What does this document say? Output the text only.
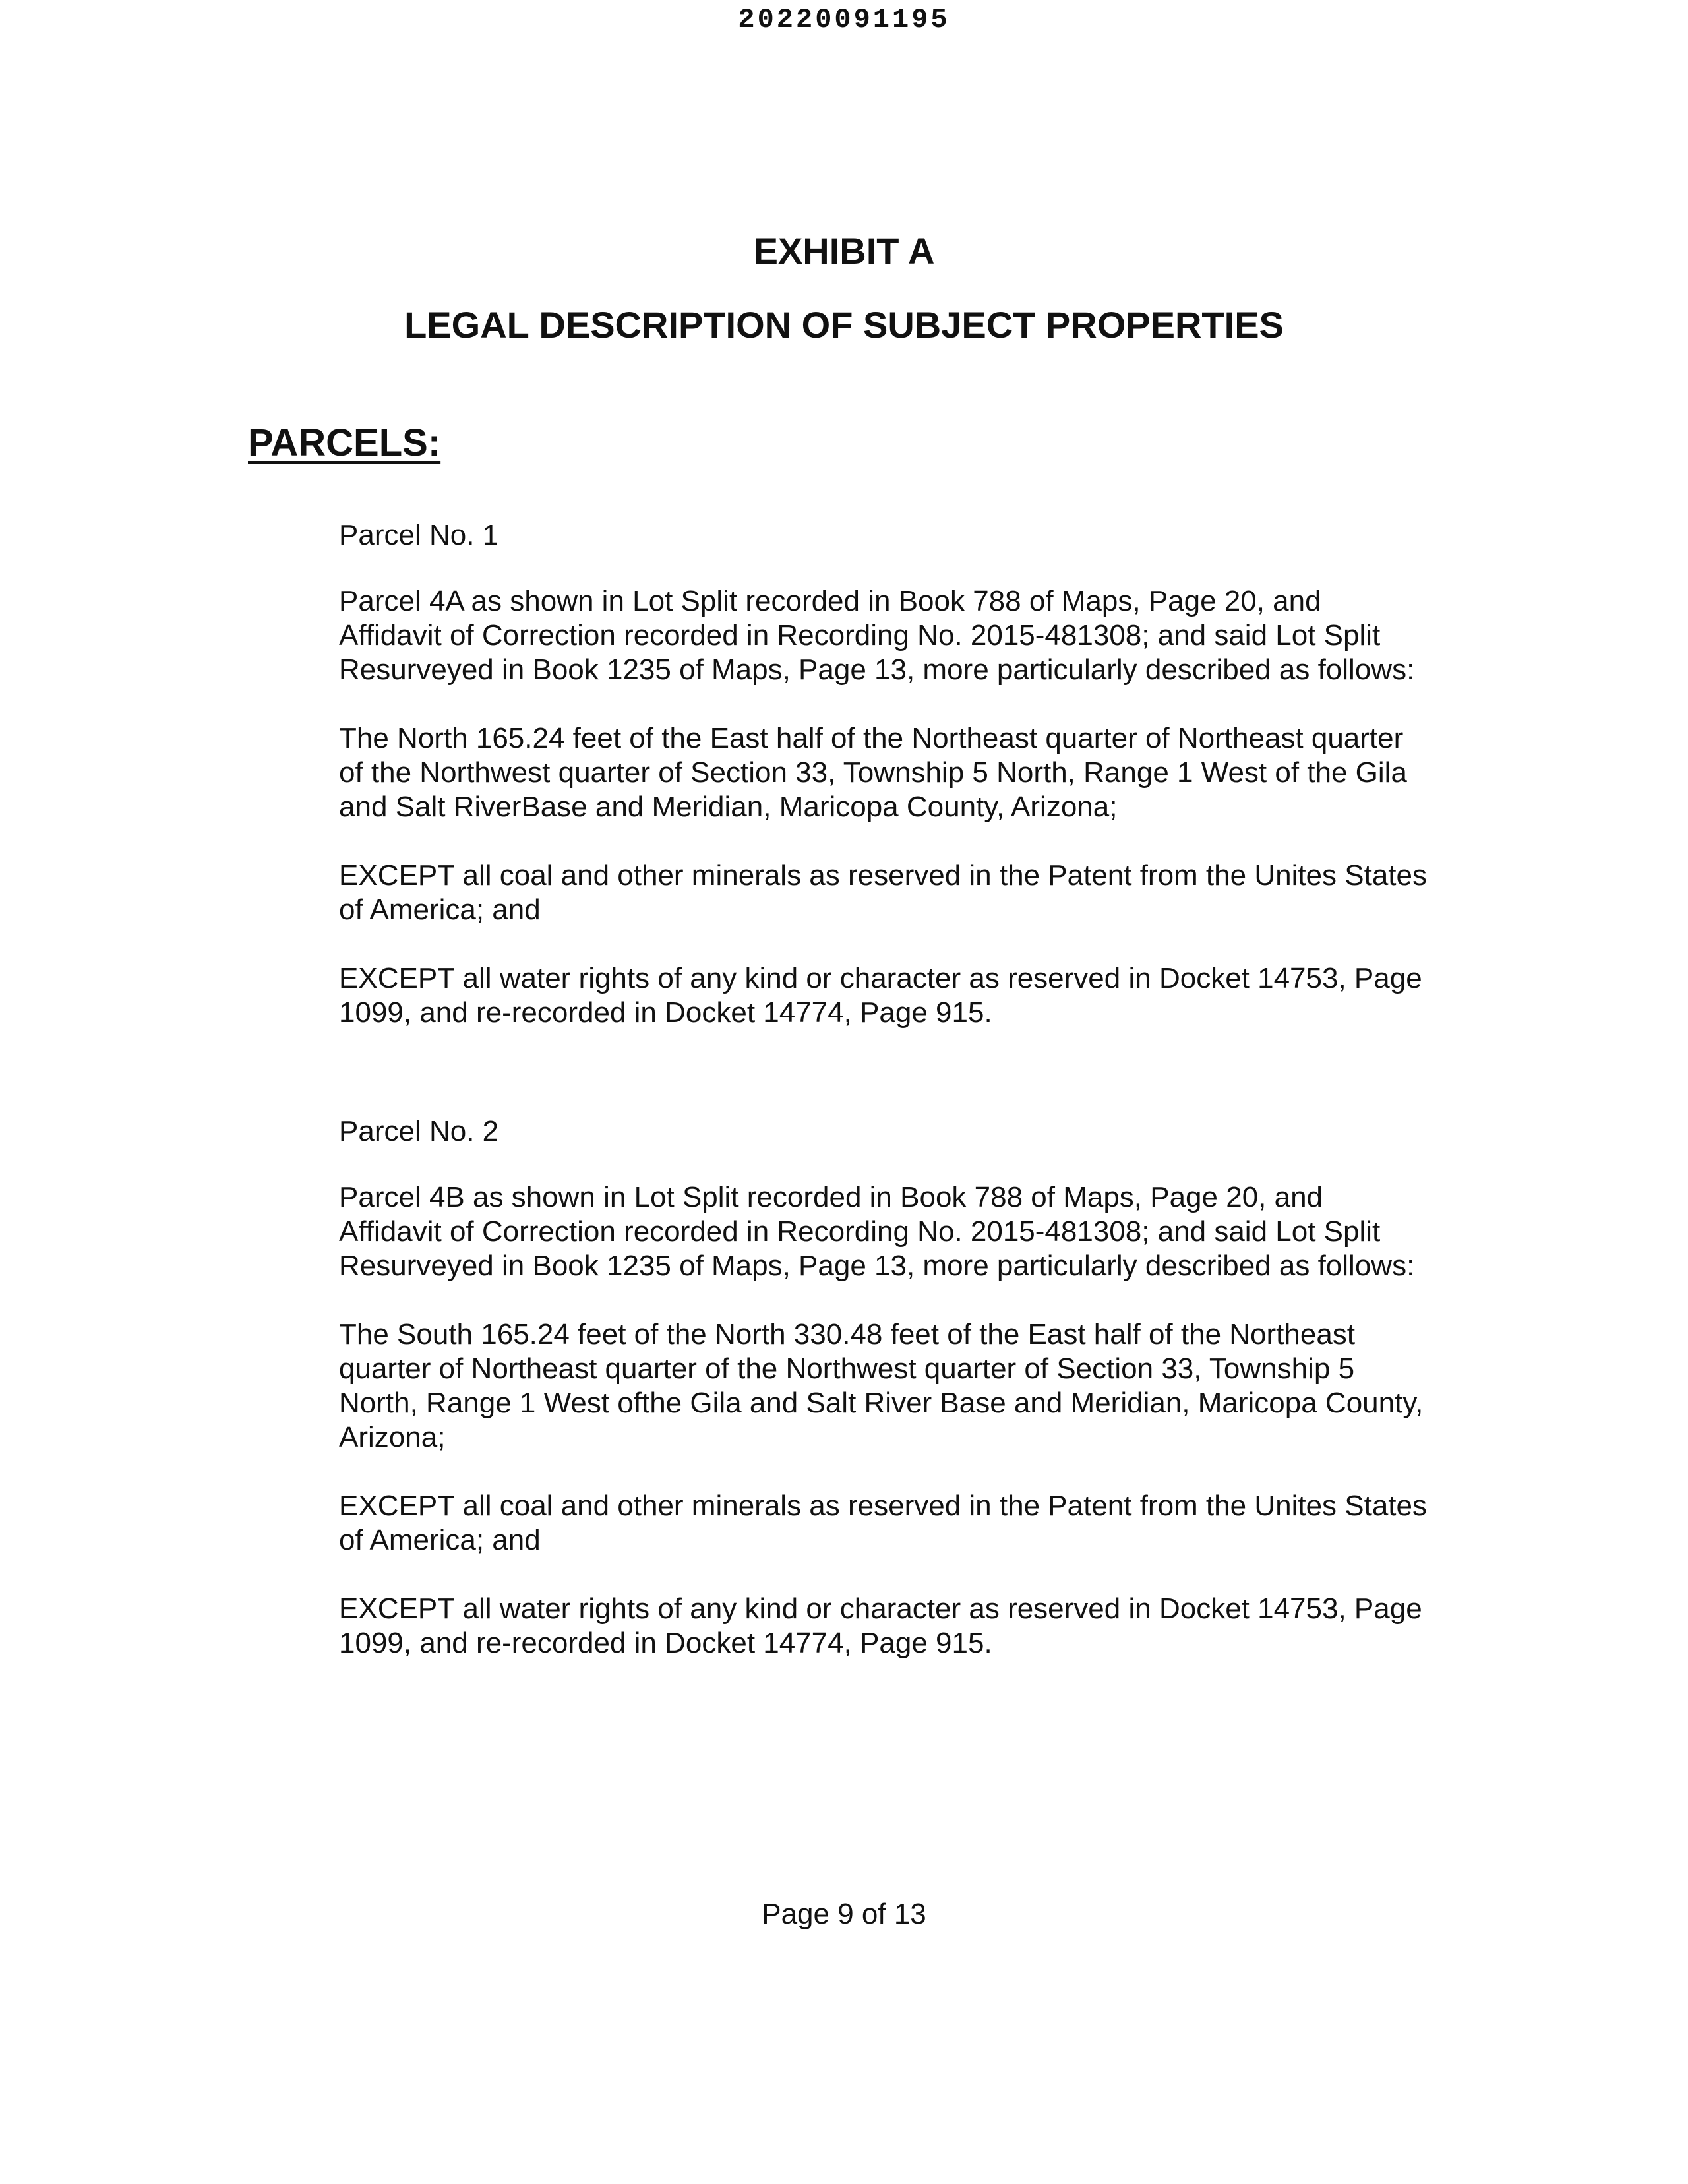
20220091195
EXHIBIT A
LEGAL DESCRIPTION OF SUBJECT PROPERTIES
PARCELS:

Parcel No. 1

Parcel 4A as shown in Lot Split recorded in Book 788 of Maps, Page 20, and Affidavit of Correction recorded in Recording No. 2015-481308; and said Lot Split Resurveyed in Book 1235 of Maps, Page 13, more particularly described as follows:

The North 165.24 feet of the East half of the Northeast quarter of Northeast quarter of the Northwest quarter of Section 33, Township 5 North, Range 1 West of the Gila and Salt RiverBase and Meridian, Maricopa County, Arizona;

EXCEPT all coal and other minerals as reserved in the Patent from the Unites States of America; and

EXCEPT all water rights of any kind or character as reserved in Docket 14753, Page 1099, and re-recorded in Docket 14774, Page 915.

Parcel No. 2

Parcel 4B as shown in Lot Split recorded in Book 788 of Maps, Page 20, and Affidavit of Correction recorded in Recording No. 2015-481308; and said Lot Split Resurveyed in Book 1235 of Maps, Page 13, more particularly described as follows:

The South 165.24 feet of the North 330.48 feet of the East half of the Northeast quarter of Northeast quarter of the Northwest quarter of Section 33, Township 5 North, Range 1 West ofthe Gila and Salt River Base and Meridian, Maricopa County, Arizona;

EXCEPT all coal and other minerals as reserved in the Patent from the Unites States of America; and

EXCEPT all water rights of any kind or character as reserved in Docket 14753, Page 1099, and re-recorded in Docket 14774, Page 915.

Page 9 of 13
